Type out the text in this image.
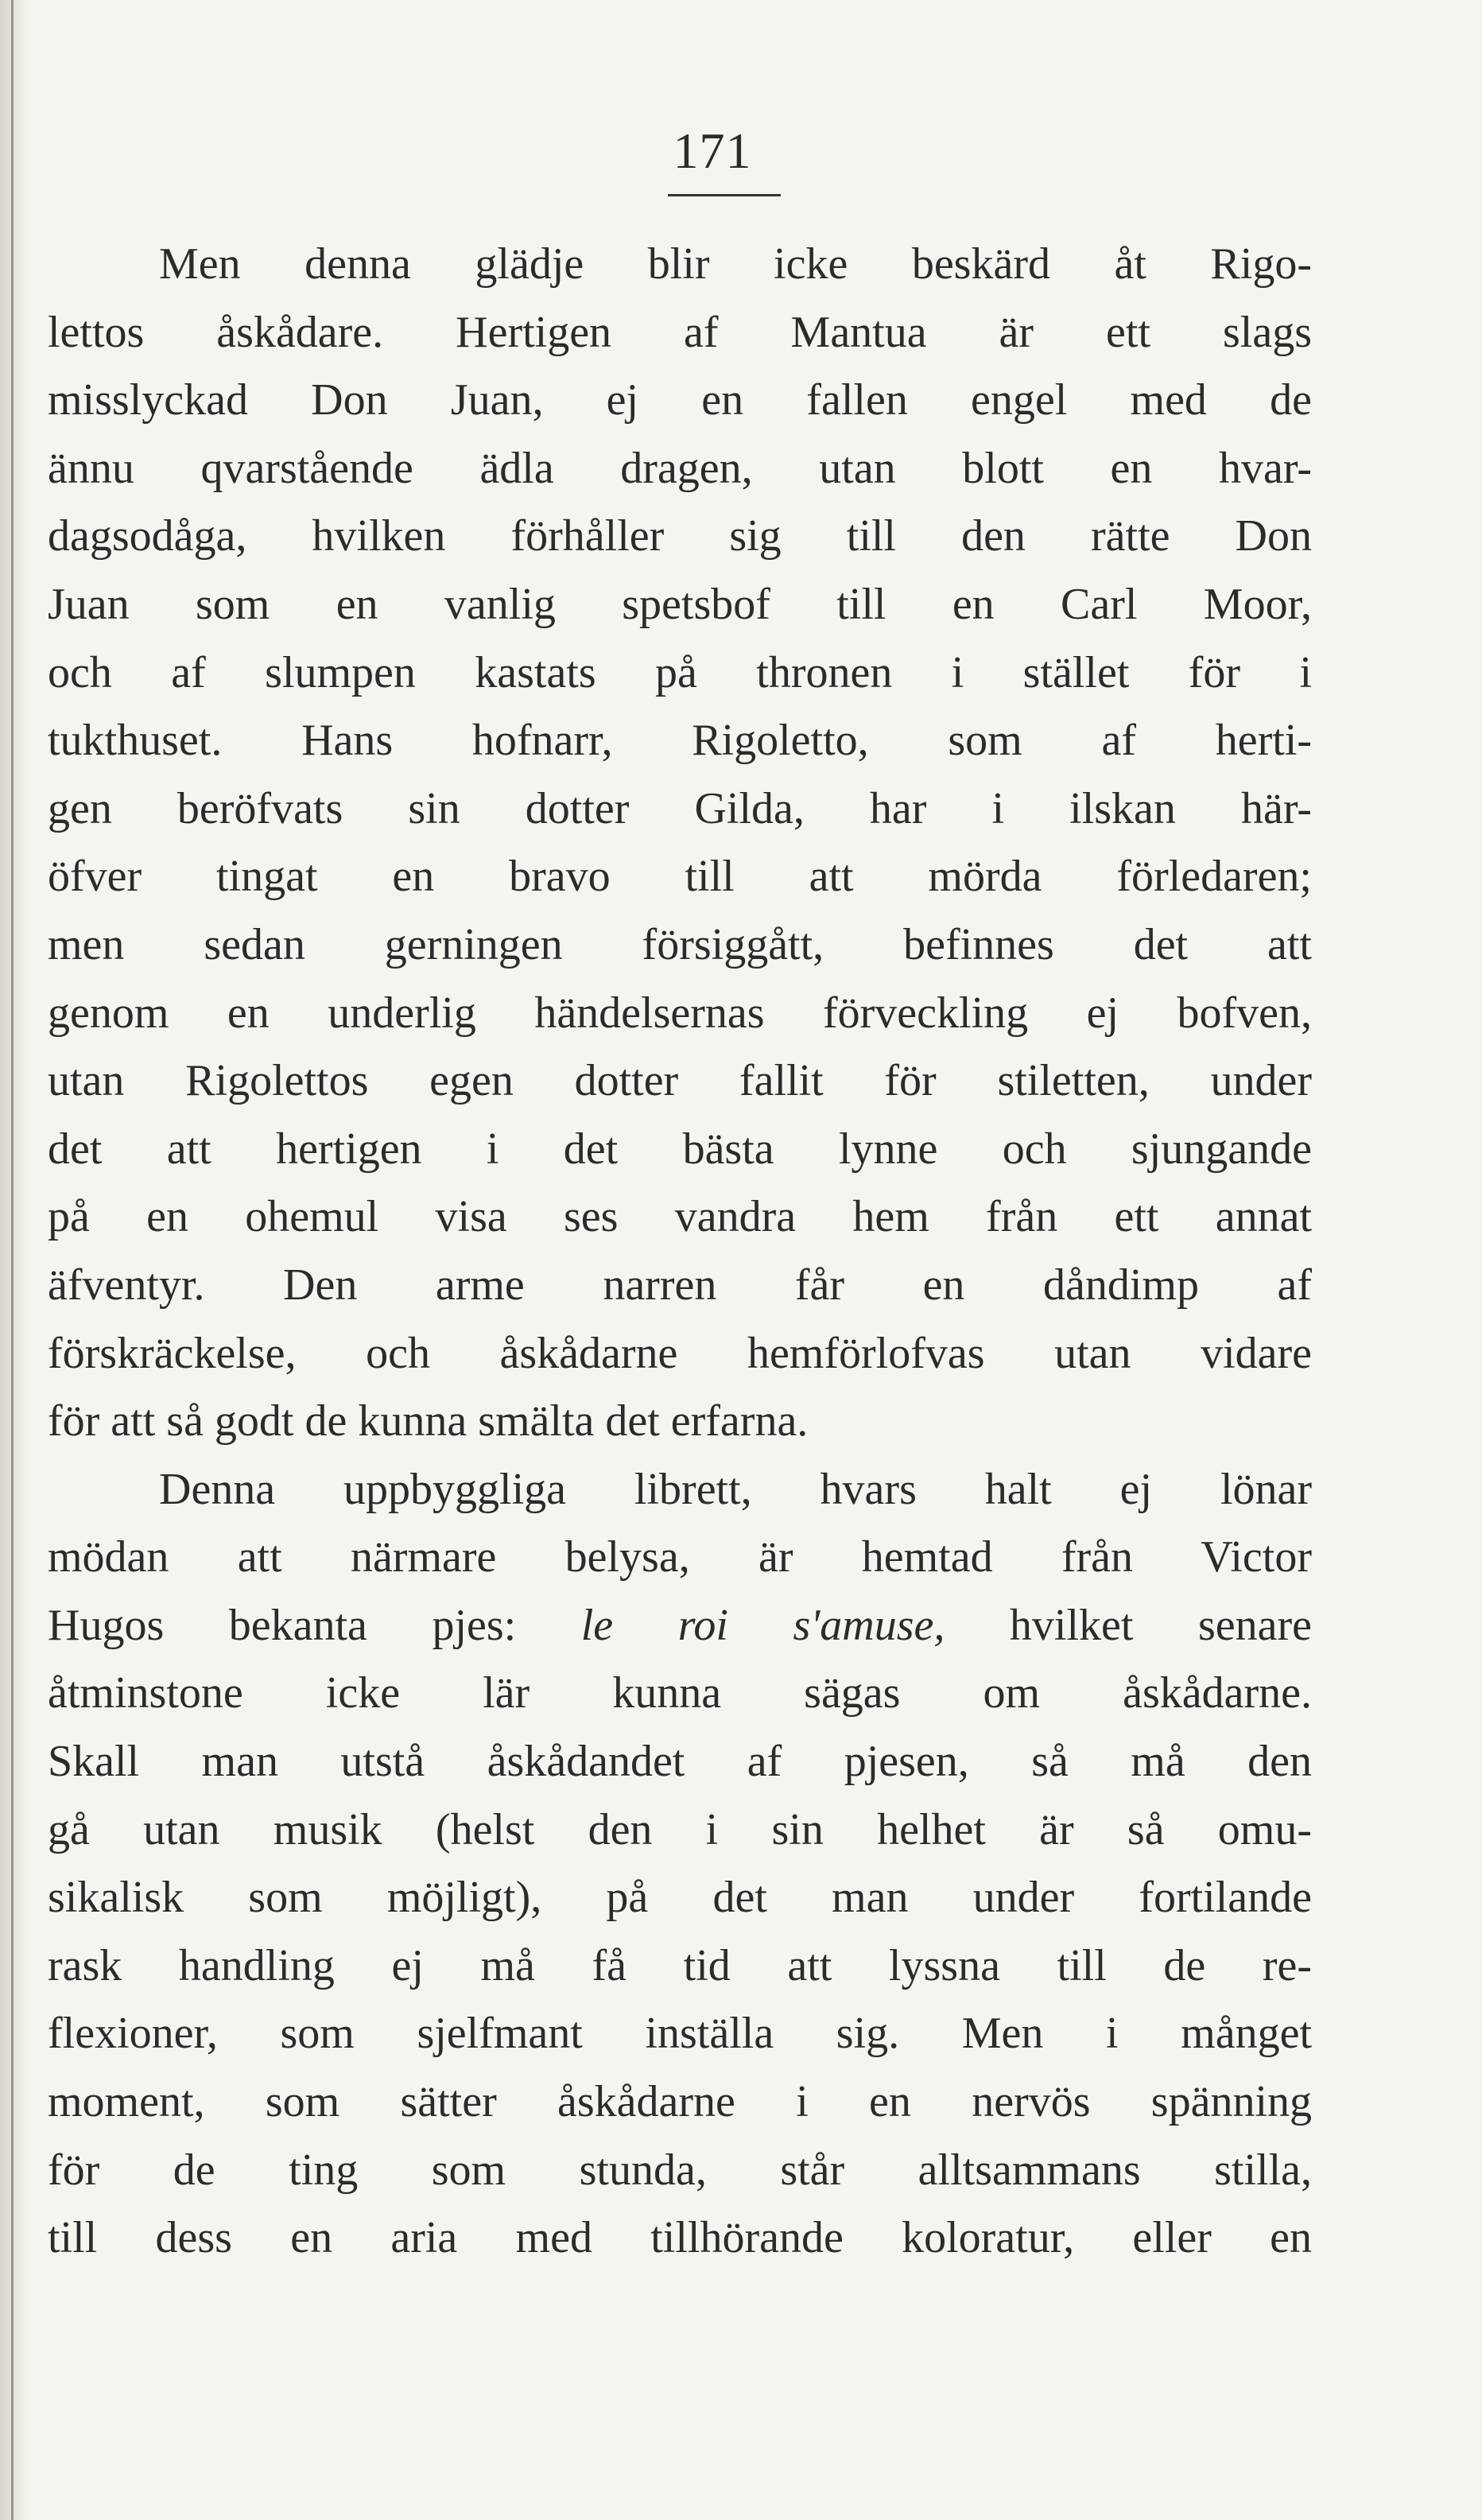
171
Men denna glädje blir icke beskärd åt Rigo-
lettos åskådare. Hertigen af Mantua är ett slags
misslyckad Don Juan, ej en fallen engel med de
ännu qvarstående ädla dragen, utan blott en hvar-
dagsodåga, hvilken förhåller sig till den rätte Don
Juan som en vanlig spetsbof till en Carl Moor,
och af slumpen kastats på thronen i stället för i
tukthuset. Hans hofnarr, Rigoletto, som af herti-
gen beröfvats sin dotter Gilda, har i ilskan här-
öfver tingat en bravo till att mörda förledaren;
men sedan gerningen försiggått, befinnes det att
genom en underlig händelsernas förveckling ej bofven,
utan Rigolettos egen dotter fallit för stiletten, under
det att hertigen i det bästa lynne och sjungande
på en ohemul visa ses vandra hem från ett annat
äfventyr. Den arme narren får en dåndimp af
förskräckelse, och åskådarne hemförlofvas utan vidare
för att så godt de kunna smälta det erfarna.
Denna uppbyggliga librett, hvars halt ej lönar
mödan att närmare belysa, är hemtad från Victor
Hugos bekanta pjes: le roi s'amuse, hvilket senare
åtminstone icke lär kunna sägas om åskådarne.
Skall man utstå åskådandet af pjesen, så må den
gå utan musik (helst den i sin helhet är så omu-
sikalisk som möjligt), på det man under fortilande
rask handling ej må få tid att lyssna till de re-
flexioner, som sjelfmant inställa sig. Men i månget
moment, som sätter åskådarne i en nervös spänning
för de ting som stunda, står alltsammans stilla,
till dess en aria med tillhörande koloratur, eller en
